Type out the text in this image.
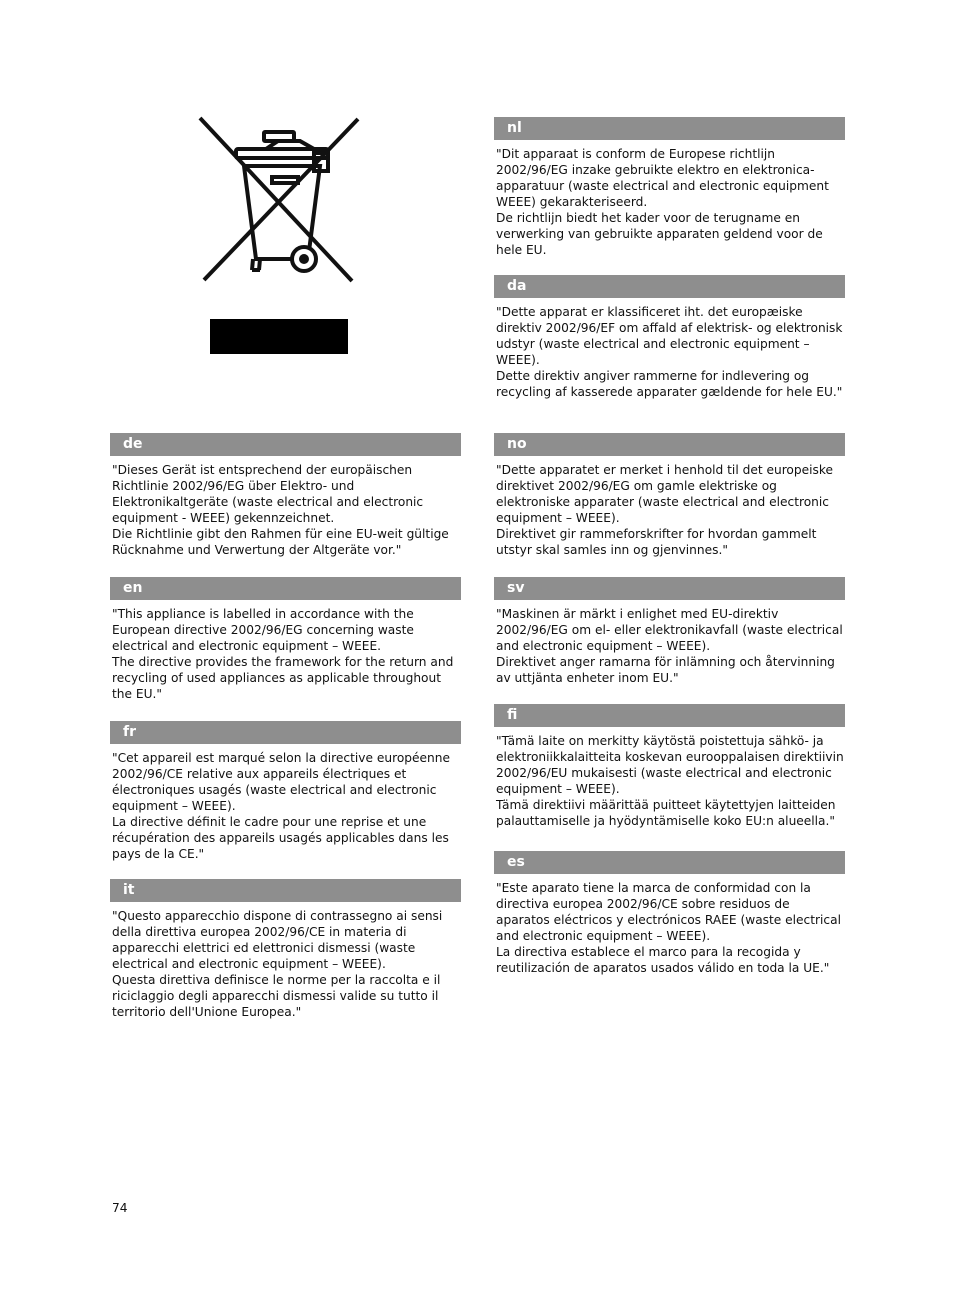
nl

"Dit apparaat is conform de Europese richtlijn 2002/96/EG inzake gebruikte elektro en elektronica-apparatuur (waste electrical and electronic equipment WEEE) gekarakteriseerd.

De richtlijn biedt het kader voor de terugname en verwerking van gebruikte apparaten geldend voor de hele EU.

da

"Dette apparat er klassificeret iht. det europæiske direktiv 2002/96/EF om affald af elektrisk- og elektronisk udstyr (waste electrical and electronic equipment – WEEE).

Dette direktiv angiver rammerne for indlevering og recycling af kasserede apparater gældende for hele EU."

de

"Dieses Gerät ist entsprechend der europäischen Richtlinie 2002/96/EG über Elektro- und Elektronikaltgeräte (waste electrical and electronic equipment - WEEE) gekennzeichnet.

Die Richtlinie gibt den Rahmen für eine EU-weit gültige Rücknahme und Verwertung der Altgeräte vor."

no

"Dette apparatet er merket i henhold til det europeiske direktivet 2002/96/EG om gamle elektriske og elektroniske apparater (waste electrical and electronic equipment – WEEE).

Direktivet gir rammeforskrifter for hvordan gammelt utstyr skal samles inn og gjenvinnes."

en

"This appliance is labelled in accordance with the European directive 2002/96/EG concerning waste electrical and electronic equipment – WEEE.

The directive provides the framework for the return and recycling of used appliances as applicable throughout the EU."

sv

"Maskinen är märkt i enlighet med EU-direktiv 2002/96/EG om el- eller elektronikavfall (waste electrical and electronic equipment – WEEE).

Direktivet anger ramarna för inlämning och återvinning av uttjänta enheter inom EU."

fr

"Cet appareil est marqué selon la directive européenne 2002/96/CE relative aux appareils électriques et électroniques usagés (waste electrical and electronic equipment – WEEE).

La directive définit le cadre pour une reprise et une récupération des appareils usagés applicables dans les pays de la CE."

fi

"Tämä laite on merkitty käytöstä poistettuja sähkö- ja elektroniikkalaitteita koskevan eurooppalaisen direktiivin 2002/96/EU mukaisesti (waste electrical and electronic equipment – WEEE).

Tämä direktiivi määrittää puitteet käytettyjen laitteiden palauttamiselle ja hyödyntämiselle koko EU:n alueella."

es

"Este aparato tiene la marca de conformidad con la directiva europea 2002/96/CE sobre residuos de aparatos eléctricos y electrónicos RAEE (waste electrical and electronic equipment – WEEE).

La directiva establece el marco para la recogida y reutilización de aparatos usados válido en toda la UE."

it

"Questo apparecchio dispone di contrassegno ai sensi della direttiva europea 2002/96/CE in materia di apparecchi elettrici ed elettronici dismessi (waste electrical and electronic equipment – WEEE).

Questa direttiva definisce le norme per la raccolta e il riciclaggio degli apparecchi dismessi valide su tutto il territorio dell'Unione Europea."

74
